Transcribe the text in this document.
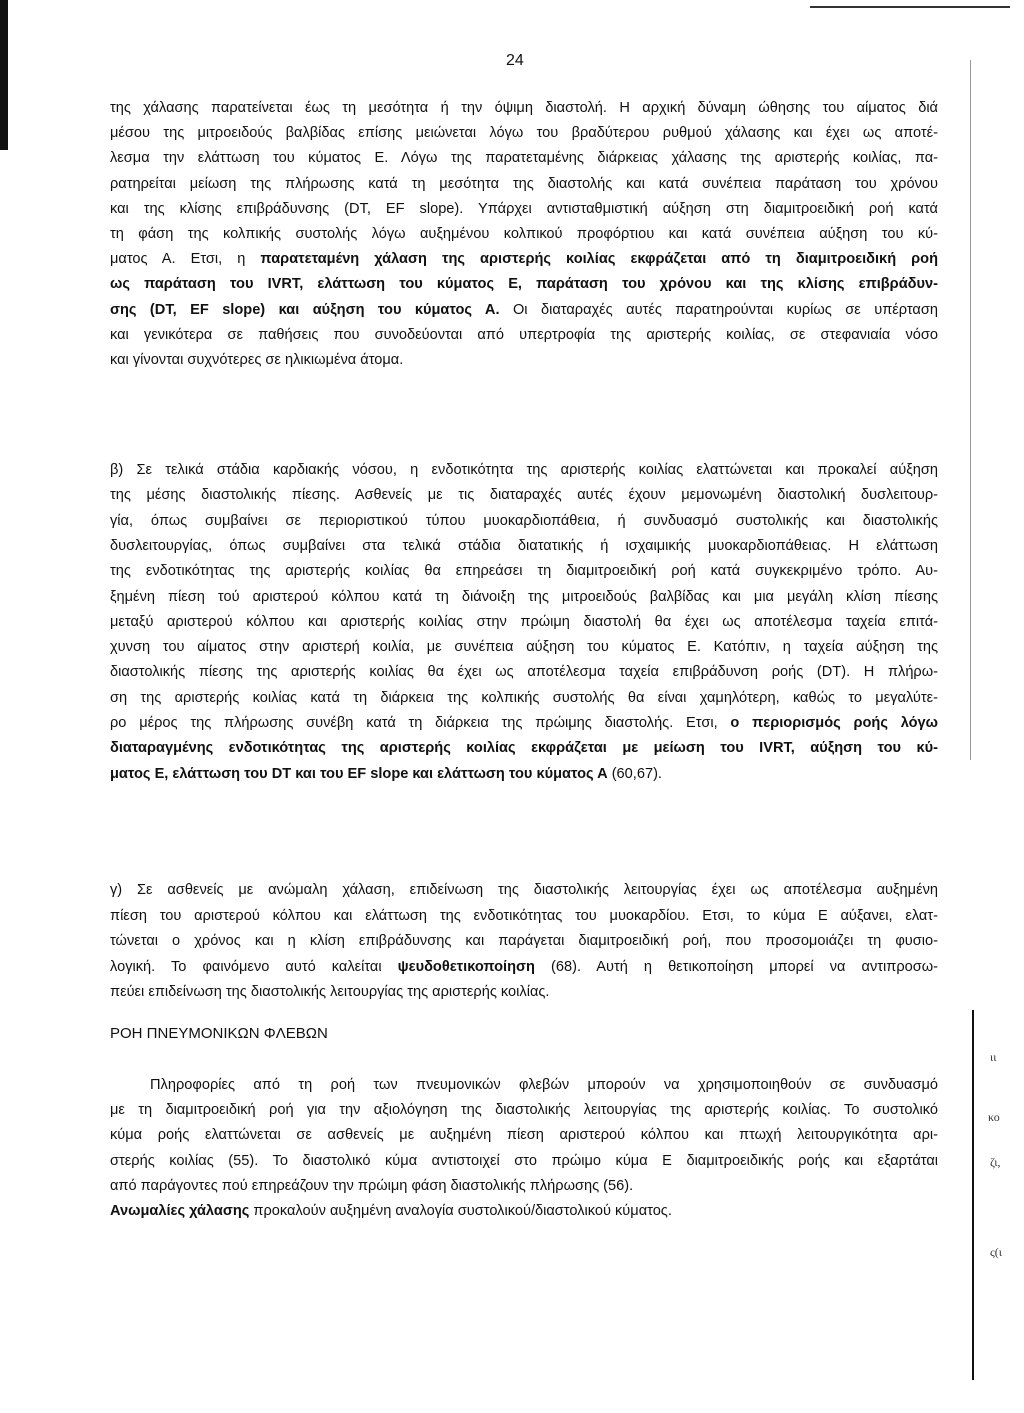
24
της χάλασης παρατείνεται έως τη μεσότητα ή την όψιμη διαστολή. Η αρχική δύναμη ώθησης του αίματος διά
μέσου της μιτροειδούς βαλβίδας επίσης μειώνεται λόγω του βραδύτερου ρυθμού χάλασης και έχει ως αποτέ-
λεσμα την ελάττωση του κύματος Ε. Λόγω της παρατεταμένης διάρκειας χάλασης της αριστερής κοιλίας, πα-
ρατηρείται μείωση της πλήρωσης κατά τη μεσότητα της διαστολής και κατά συνέπεια παράταση του χρόνου
και της κλίσης επιβράδυνσης (DT, EF slope). Υπάρχει αντισταθμιστική αύξηση στη διαμιτροειδική ροή κατά
τη φάση της κολπικής συστολής λόγω αυξημένου κολπικού προφόρτιου και κατά συνέπεια αύξηση του κύ-
ματος Α. Ετσι, η παρατεταμένη χάλαση της αριστερής κοιλίας εκφράζεται από τη διαμιτροειδική ροή
ως παράταση του IVRT, ελάττωση του κύματος Ε, παράταση του χρόνου και της κλίσης επιβράδυν-
σης (DT, EF slope) και αύξηση του κύματος Α. Οι διαταραχές αυτές παρατηρούνται κυρίως σε υπέρταση
και γενικότερα σε παθήσεις που συνοδεύονται από υπερτροφία της αριστερής κοιλίας, σε στεφανιαία νόσο
και γίνονται συχνότερες σε ηλικιωμένα άτομα.
β) Σε τελικά στάδια καρδιακής νόσου, η ενδοτικότητα της αριστερής κοιλίας ελαττώνεται και προκαλεί αύξηση
της μέσης διαστολικής πίεσης. Ασθενείς με τις διαταραχές αυτές έχουν μεμονωμένη διαστολική δυσλειτουρ-
γία, όπως συμβαίνει σε περιοριστικού τύπου μυοκαρδιοπάθεια, ή συνδυασμό συστολικής και διαστολικής
δυσλειτουργίας, όπως συμβαίνει στα τελικά στάδια διατατικής ή ισχαιμικής μυοκαρδιοπάθειας. Η ελάττωση
της ενδοτικότητας της αριστερής κοιλίας θα επηρεάσει τη διαμιτροειδική ροή κατά συγκεκριμένο τρόπο. Αυ-
ξημένη πίεση τού αριστερού κόλπου κατά τη διάνοιξη της μιτροειδούς βαλβίδας και μια μεγάλη κλίση πίεσης
μεταξύ αριστερού κόλπου και αριστερής κοιλίας στην πρώιμη διαστολή θα έχει ως αποτέλεσμα ταχεία επιτά-
χυνση του αίματος στην αριστερή κοιλία, με συνέπεια αύξηση του κύματος Ε. Κατόπιν, η ταχεία αύξηση της
διαστολικής πίεσης της αριστερής κοιλίας θα έχει ως αποτέλεσμα ταχεία επιβράδυνση ροής (DT). Η πλήρω-
ση της αριστερής κοιλίας κατά τη διάρκεια της κολπικής συστολής θα είναι χαμηλότερη, καθώς το μεγαλύτε-
ρο μέρος της πλήρωσης συνέβη κατά τη διάρκεια της πρώιμης διαστολής. Ετσι, ο περιορισμός ροής λόγω
διαταραγμένης ενδοτικότητας της αριστερής κοιλίας εκφράζεται με μείωση του IVRT, αύξηση του κύ-
ματος Ε, ελάττωση του DT και του EF slope και ελάττωση του κύματος Α (60,67).
γ) Σε ασθενείς με ανώμαλη χάλαση, επιδείνωση της διαστολικής λειτουργίας έχει ως αποτέλεσμα αυξημένη
πίεση του αριστερού κόλπου και ελάττωση της ενδοτικότητας του μυοκαρδίου. Ετσι, το κύμα Ε αύξανει, ελατ-
τώνεται ο χρόνος και η κλίση επιβράδυνσης και παράγεται διαμιτροειδική ροή, που προσομοιάζει τη φυσιο-
λογική. Το φαινόμενο αυτό καλείται ψευδοθετικοποίηση (68). Αυτή η θετικοποίηση μπορεί να αντιπροσω-
πεύει επιδείνωση της διαστολικής λειτουργίας της αριστερής κοιλίας.
Πληροφορίες από τη ροή των πνευμονικών φλεβών μπορούν να χρησιμοποιηθούν σε συνδυασμό
με τη διαμιτροειδική ροή για την αξιολόγηση της διαστολικής λειτουργίας της αριστερής κοιλίας. Το συστολικό
κύμα ροής ελαττώνεται σε ασθενείς με αυξημένη πίεση αριστερού κόλπου και πτωχή λειτουργικότητα αρι-
στερής κοιλίας (55). Το διαστολικό κύμα αντιστοιχεί στο πρώιμο κύμα Ε διαμιτροειδικής ροής και εξαρτάται
από παράγοντες πού επηρεάζουν την πρώιμη φάση διαστολικής πλήρωσης (56).
Ανωμαλίες χάλασης προκαλούν αυξημένη αναλογία συστολικού/διαστολικού κύματος.
ΡΟΗ ΠΝΕΥΜΟΝΙΚΩΝ ΦΛΕΒΩΝ
ιι
κο
ζι,
ς(ι
